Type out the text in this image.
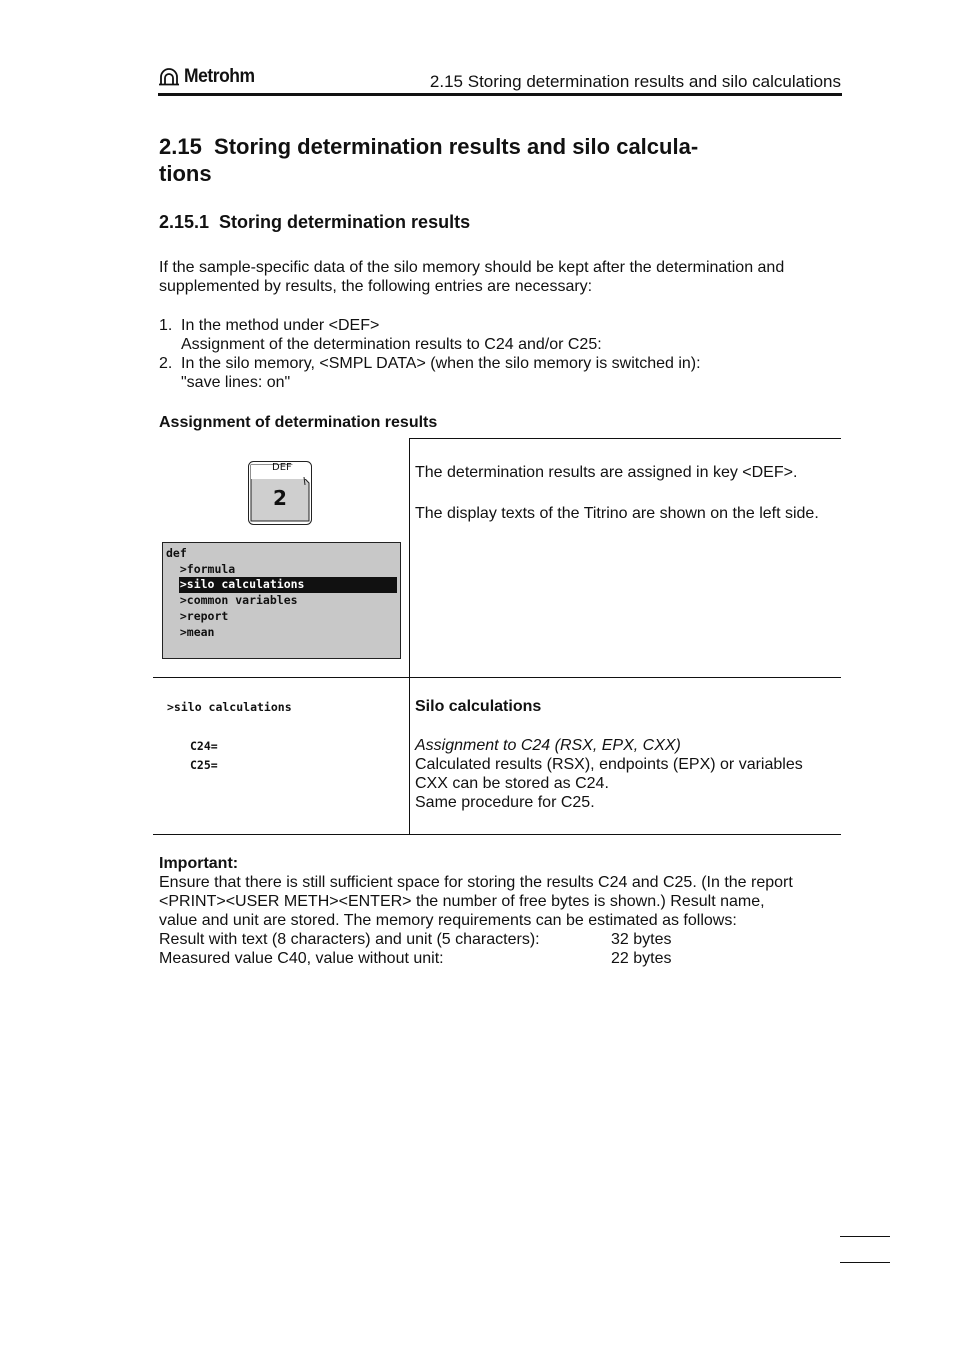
Metrohm	2.15 Storing determination results and silo calculations
2.15  Storing determination results and silo calcula-
tions
2.15.1  Storing determination results
If the sample-specific data of the silo memory should be kept after the determination and supplemented by results, the following entries are necessary:
1. In the method under <DEF>
Assignment of the determination results to C24 and/or C25:
2. In the silo memory, <SMPL DATA> (when the silo memory is switched in):
"save lines: on"
Assignment of determination results
DEF
2
def
>formula
>silo calculations
>common variables
>report
>mean
The determination results are assigned in key <DEF>.
The display texts of the Titrino are shown on the left side.
>silo calculations
C24=
C25=
Silo calculations
Assignment to C24 (RSX, EPX, CXX)
Calculated results (RSX), endpoints (EPX) or variables
CXX can be stored as C24.
Same procedure for C25.
Important:
Ensure that there is still sufficient space for storing the results C24 and C25. (In the report
<PRINT><USER METH><ENTER> the number of free bytes is shown.) Result name,
value and unit are stored. The memory requirements can be estimated as follows:
Result with text (8 characters) and unit (5 characters):	32 bytes
Measured value C40, value without unit:	22 bytes
